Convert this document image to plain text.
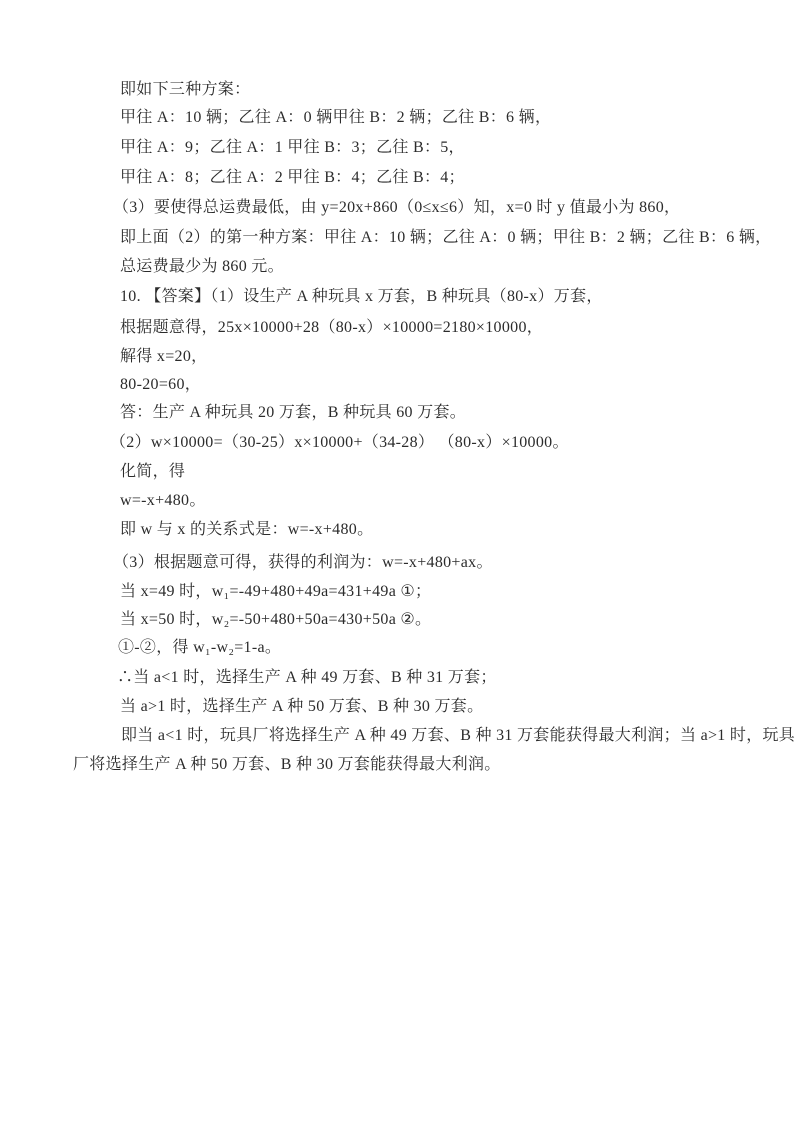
即如下三种方案：
甲往 A：10 辆；乙往 A：0 辆甲往 B：2 辆；乙往 B：6 辆，
甲往 A：9；乙往 A：1 甲往 B：3；乙往 B：5，
甲往 A：8；乙往 A：2 甲往 B：4；乙往 B：4；
（3）要使得总运费最低，由 y=20x+860（0≤x≤6）知，x=0 时 y 值最小为 860，
即上面（2）的第一种方案：甲往 A：10 辆；乙往 A：0 辆；甲往 B：2 辆；乙往 B：6 辆，
总运费最少为 860 元。
10. 【答案】（1）设生产 A 种玩具 x 万套，B 种玩具（80-x）万套，
根据题意得，25x×10000+28（80-x）×10000=2180×10000，
解得 x=20，
80-20=60，
答：生产 A 种玩具 20 万套，B 种玩具 60 万套。
（2）w×10000=（30-25）x×10000+（34-28） （80-x）×10000。
化简，得
w=-x+480。
即 w 与 x 的关系式是：w=-x+480。
（3）根据题意可得，获得的利润为：w=-x+480+ax。
当 x=49 时，w₁=-49+480+49a=431+49a ①；
当 x=50 时，w₂=-50+480+50a=430+50a ②。
①-②，得 w₁-w₂=1-a。
∴当 a<1 时，选择生产 A 种 49 万套、B 种 31 万套；
当 a>1 时，选择生产 A 种 50 万套、B 种 30 万套。
即当 a<1 时，玩具厂将选择生产 A 种 49 万套、B 种 31 万套能获得最大利润；当 a>1 时，玩具
厂将选择生产 A 种 50 万套、B 种 30 万套能获得最大利润。
